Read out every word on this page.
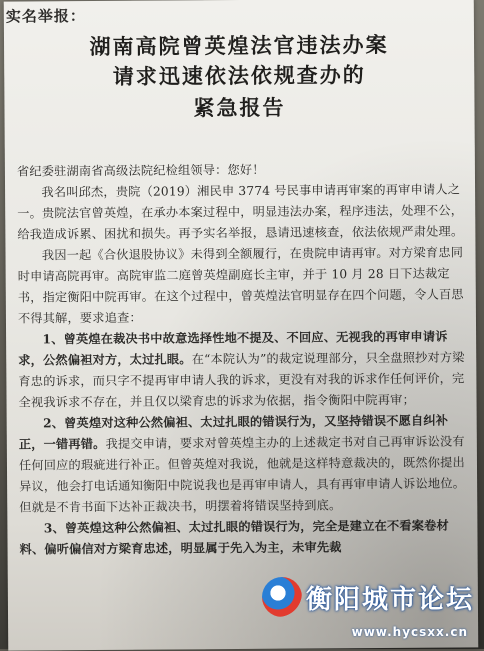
实名举报：
湖南高院曾英煌法官违法办案
请求迅速依法依规查办的
紧急报告

省纪委驻湖南省高级法院纪检组领导：您好！

我名叫邱杰，贵院（2019）湘民申 3774 号民事申请再审案的再审申请人之一。贵院法官曾英煌，在承办本案过程中，明显违法办案，程序违法，处理不公，给我造成诉累、困扰和损失。再予实名举报，恳请迅速核查，依法依规严肃处理。

我因一起《合伙退股协议》未得到全额履行，在贵院申请再审。对方梁育忠同时申请高院再审。高院审监二庭曾英煌副庭长主审，并于 10 月 28 日下达裁定书，指定衡阳中院再审。在这个过程中，曾英煌法官明显存在四个问题，令人百思不得其解，要求追查：

1、曾英煌在裁决书中故意选择性地不提及、不回应、无视我的再审申请诉求，公然偏袒对方，太过扎眼。在“本院认为”的裁定说理部分，只全盘照抄对方梁育忠的诉求，而只字不提再审申请人我的诉求，更没有对我的诉求作任何评价，完全视我诉求不存在，并且仅以梁育忠的诉求为依据，指令衡阳中院再审；

2、曾英煌对这种公然偏袒、太过扎眼的错误行为，又坚持错误不愿自纠补正，一错再错。我提交申请，要求对曾英煌主办的上述裁定书对自己再审诉讼没有任何回应的瑕疵进行补正。但曾英煌对我说，他就是这样特意裁决的，既然你提出异议，他会打电话通知衡阳中院说我也是再审申请人，具有再审申请人诉讼地位。但就是不肯书面下达补正裁决书，明摆着将错误坚持到底。

3、曾英煌这种公然偏袒、太过扎眼的错误行为，完全是建立在不看案卷材料、偏听偏信对方梁育忠述，明显属于先入为主，未审先裁

衡阳城市论坛
www.hycsxx.cn
